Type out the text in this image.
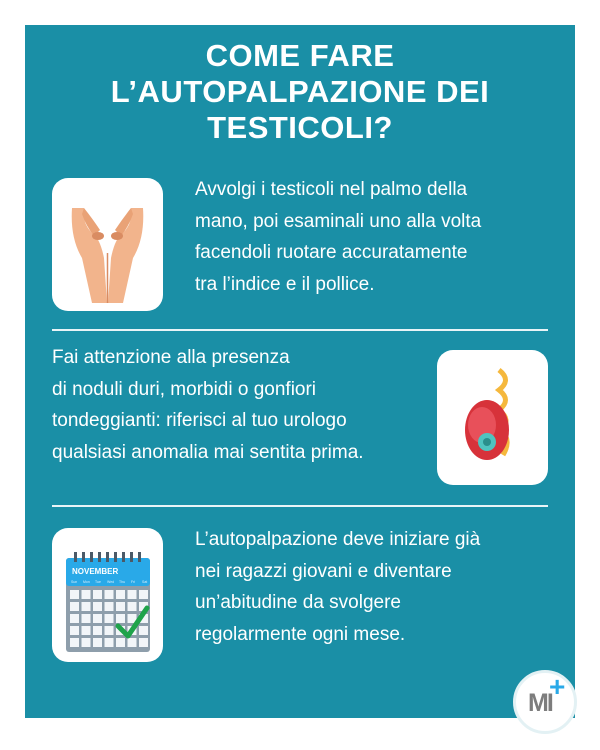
COME FARE
L’AUTOPALPAZIONE DEI
TESTICOLI?
Avvolgi i testicoli nel palmo della
mano, poi esaminali uno alla volta
facendoli ruotare accuratamente
tra l’indice e il pollice.
Fai attenzione alla presenza
di noduli duri, morbidi o gonfiori
tondeggianti: riferisci al tuo urologo
qualsiasi anomalia mai sentita prima.
NOVEMBER
Sun Mon Tue Wed Thu Fri Sat
L’autopalpazione deve iniziare già
nei ragazzi giovani e diventare
un’abitudine da svolgere
regolarmente ogni mese.
MI
+
